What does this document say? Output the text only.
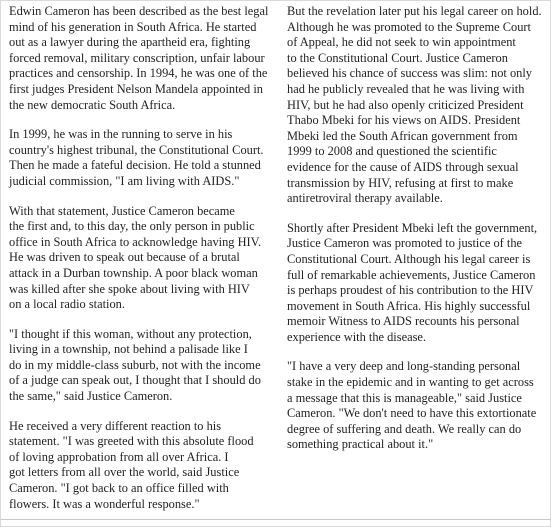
Edwin Cameron has been described as the best legal
mind of his generation in South Africa. He started
out as a lawyer during the apartheid era, fighting
forced removal, military conscription, unfair labour
practices and censorship. In 1994, he was one of the
first judges President Nelson Mandela appointed in
the new democratic South Africa.

In 1999, he was in the running to serve in his
country's highest tribunal, the Constitutional Court.
Then he made a fateful decision. He told a stunned
judicial commission, "I am living with AIDS."

With that statement, Justice Cameron became
the first and, to this day, the only person in public
office in South Africa to acknowledge having HIV.
He was driven to speak out because of a brutal
attack in a Durban township. A poor black woman
was killed after she spoke about living with HIV
on a local radio station.

"I thought if this woman, without any protection,
living in a township, not behind a palisade like I
do in my middle-class suburb, not with the income
of a judge can speak out, I thought that I should do
the same," said Justice Cameron.

He received a very different reaction to his
statement. "I was greeted with this absolute flood
of loving approbation from all over Africa. I
got letters from all over the world, said Justice
Cameron. "I got back to an office filled with
flowers. It was a wonderful response."

But the revelation later put his legal career on hold.
Although he was promoted to the Supreme Court
of Appeal, he did not seek to win appointment
to the Constitutional Court. Justice Cameron
believed his chance of success was slim: not only
had he publicly revealed that he was living with
HIV, but he had also openly criticized President
Thabo Mbeki for his views on AIDS. President
Mbeki led the South African government from
1999 to 2008 and questioned the scientific
evidence for the cause of AIDS through sexual
transmission by HIV, refusing at first to make
antiretroviral therapy available.

Shortly after President Mbeki left the government,
Justice Cameron was promoted to justice of the
Constitutional Court. Although his legal career is
full of remarkable achievements, Justice Cameron
is perhaps proudest of his contribution to the HIV
movement in South Africa. His highly successful
memoir Witness to AIDS recounts his personal
experience with the disease.

"I have a very deep and long-standing personal
stake in the epidemic and in wanting to get across
a message that this is manageable," said Justice
Cameron. "We don't need to have this extortionate
degree of suffering and death. We really can do
something practical about it."
